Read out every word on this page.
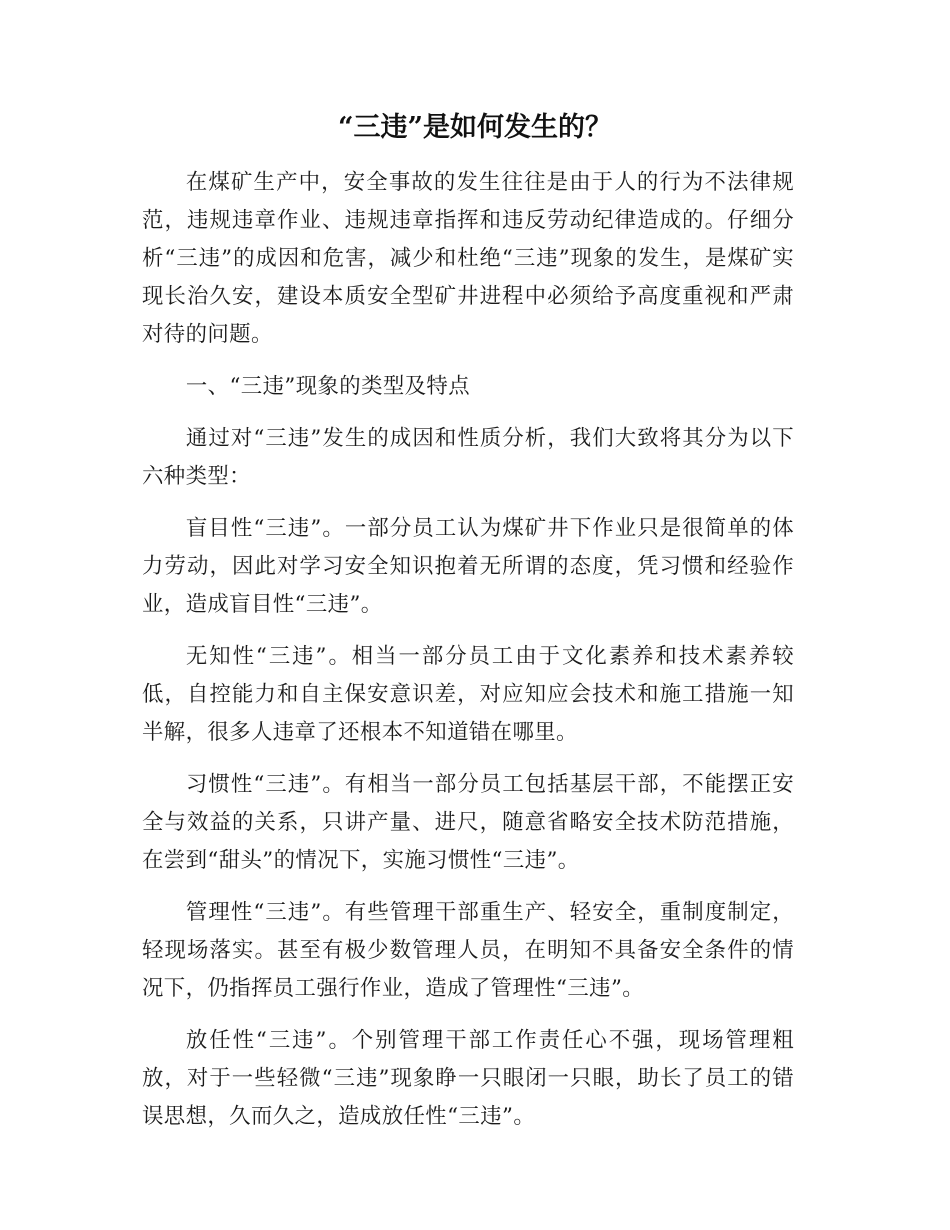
“三违”是如何发生的？

在煤矿生产中，安全事故的发生往往是由于人的行为不法律规范，违规违章作业、违规违章指挥和违反劳动纪律造成的。仔细分析“三违”的成因和危害，减少和杜绝“三违”现象的发生，是煤矿实现长治久安，建设本质安全型矿井进程中必须给予高度重视和严肃对待的问题。

一、“三违”现象的类型及特点

通过对“三违”发生的成因和性质分析，我们大致将其分为以下六种类型：

盲目性“三违”。一部分员工认为煤矿井下作业只是很简单的体力劳动，因此对学习安全知识抱着无所谓的态度，凭习惯和经验作业，造成盲目性“三违”。

无知性“三违”。相当一部分员工由于文化素养和技术素养较低，自控能力和自主保安意识差，对应知应会技术和施工措施一知半解，很多人违章了还根本不知道错在哪里。

习惯性“三违”。有相当一部分员工包括基层干部，不能摆正安全与效益的关系，只讲产量、进尺，随意省略安全技术防范措施，在尝到“甜头”的情况下，实施习惯性“三违”。

管理性“三违”。有些管理干部重生产、轻安全，重制度制定，轻现场落实。甚至有极少数管理人员，在明知不具备安全条件的情况下，仍指挥员工强行作业，造成了管理性“三违”。

放任性“三违”。个别管理干部工作责任心不强，现场管理粗放，对于一些轻微“三违”现象睁一只眼闭一只眼，助长了员工的错误思想，久而久之，造成放任性“三违”。
